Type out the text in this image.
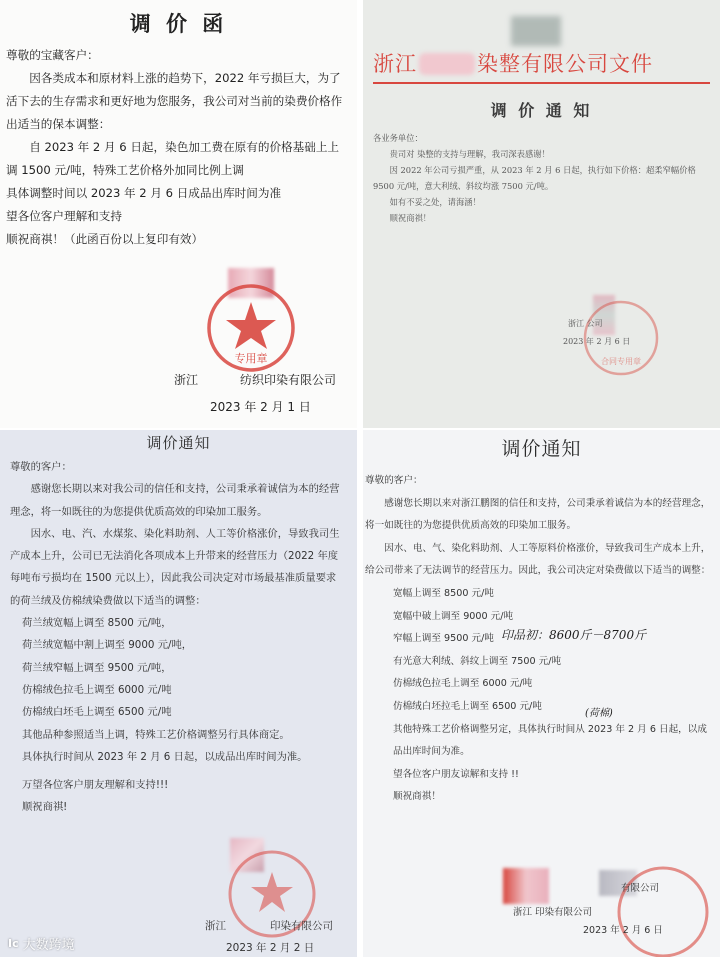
调 价 函

尊敬的宝藏客户：

因各类成本和原材料上涨的趋势下，2022 年亏损巨大，为了活下去的生存需求和更好地为您服务，我公司对当前的染费价格作出适当的保本调整：

自 2023 年 2 月 6 日起，染色加工费在原有的价格基础上上调 1500 元/吨，特殊工艺价格外加同比例上调

具体调整时间以 2023 年 2 月 6 日成品出库时间为准

望各位客户理解和支持

顺祝商祺！（此函百份以上复印有效）

专用章
浙江	纺织印染有限公司
2023 年 2 月 1 日
浙江	染整有限公司文件
调 价 通 知

各业务单位：

贵司对 染整的支持与理解，我司深表感谢！

因 2022 年公司亏损严重，从 2023 年 2 月 6 日起，执行如下价格：超柔窄幅价格 9500 元/吨，意大利绒、斜纹均涨 7500 元/吨。

如有不妥之处，请海涵！

顺祝商祺！

合同专用章
浙江 公司
2023 年 2 月 6 日
调价通知

尊敬的客户：

感谢您长期以来对我公司的信任和支持，公司秉承着诚信为本的经营理念，将一如既往的为您提供优质高效的印染加工服务。

因水、电、汽、水煤浆、染化料助剂、人工等价格涨价，导致我司生产成本上升，公司已无法消化各项成本上升带来的经营压力（2022 年度每吨布亏损均在 1500 元以上），因此我公司决定对市场最基准质量要求的荷兰绒及仿棉绒染费做以下适当的调整：

荷兰绒宽幅上调至 8500 元/吨，

荷兰绒宽幅中割上调至 9000 元/吨，

荷兰绒窄幅上调至 9500 元/吨，

仿棉绒色拉毛上调至 6000 元/吨

仿棉绒白坯毛上调至 6500 元/吨

其他品种参照适当上调，特殊工艺价格调整另行具体商定。

具体执行时间从 2023 年 2 月 6 日起，以成品出库时间为准。

万望各位客户朋友理解和支持!!!

顺祝商祺!

浙江	印染有限公司
2023 年 2 月 2 日
调价通知

尊敬的客户：

感谢您长期以来对浙江鹏图的信任和支持，公司秉承着诚信为本的经营理念，将一如既往的为您提供优质高效的印染加工服务。

因水、电、气、染化料助剂、人工等原料价格涨价，导致我司生产成本上升，给公司带来了无法调节的经营压力。因此，我公司决定对染费做以下适当的调整：

宽幅上调至 8500 元/吨

宽幅中破上调至 9000 元/吨

窄幅上调至 9500 元/吨

有光意大利绒、斜纹上调至 7500 元/吨

仿棉绒色拉毛上调至 6000 元/吨

仿棉绒白坯拉毛上调至 6500 元/吨

其他特殊工艺价格调整另定，具体执行时间从 2023 年 2 月 6 日起，以成品出库时间为准。

望各位客户朋友谅解和支持 !!

顺祝商祺！

印品初：8600斤－8700斤
(荷棉)
有限公司
浙江 印染有限公司
2023 年 2 月 6 日
Ic 大数跨境
